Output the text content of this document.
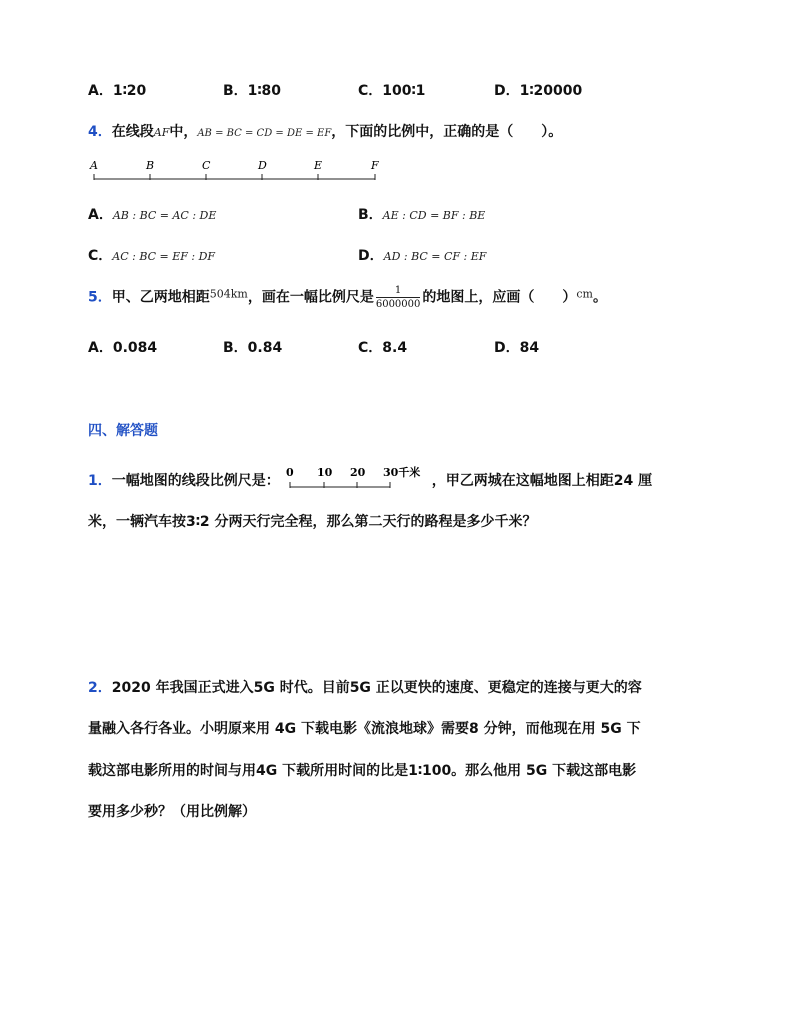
A．1∶20	B．1∶80	C．100∶1	D．1∶20000
4．在线段AF中，AB = BC = CD = DE = EF，下面的比例中，正确的是（　　）。
A	B	C	D	E	F
A．AB : BC = AC : DE	B．AE : CD = BF : BE
C．AC : BC = EF : DF	D．AD : BC = CF : EF
5．甲、乙两地相距$^{504km}$，画在一幅比例尺是 $\frac{1}{6000000}$ 的地图上，应画（　　）$^{cm}$。
A．0.084	B．0.84	C．8.4	D．84
四、解答题
1．一幅地图的线段比例尺是：
0 10 20 30千米
，甲乙两城在这幅地图上相距24 厘
米，一辆汽车按3∶2 分两天行完全程，那么第二天行的路程是多少千米？
2．2020 年我国正式进入5G 时代。目前5G 正以更快的速度、更稳定的连接与更大的容
量融入各行各业。小明原来用 4G 下载电影《流浪地球》需要8 分钟，而他现在用 5G 下
载这部电影所用的时间与用4G 下载所用时间的比是1∶100。那么他用 5G 下载这部电影
要用多少秒？（用比例解）
